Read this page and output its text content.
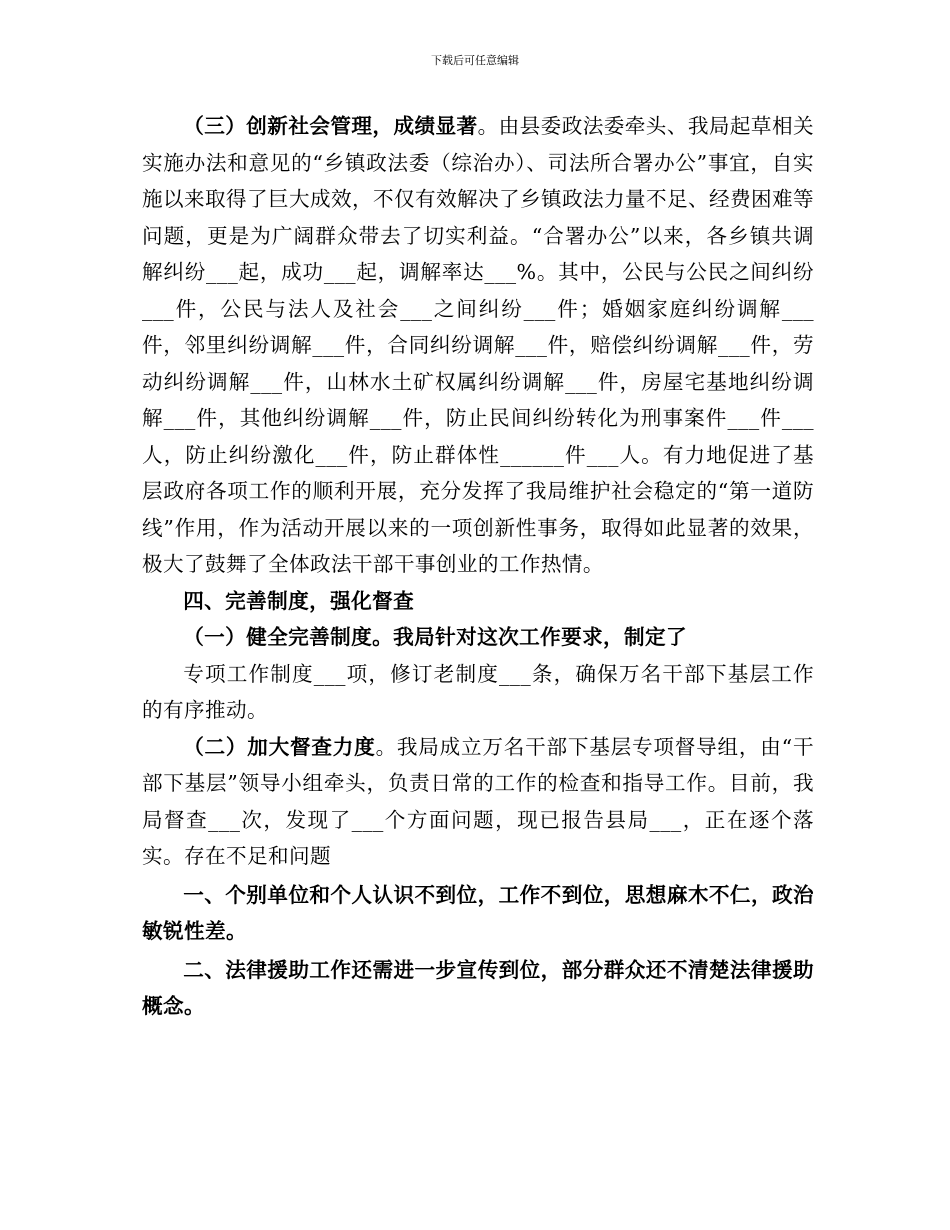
下载后可任意编辑

（三）创新社会管理，成绩显著。由县委政法委牵头、我局起草相关实施办法和意见的“乡镇政法委（综治办）、司法所合署办公”事宜，自实施以来取得了巨大成效，不仅有效解决了乡镇政法力量不足、经费困难等问题，更是为广阔群众带去了切实利益。“合署办公”以来，各乡镇共调解纠纷___起，成功___起，调解率达___%。其中，公民与公民之间纠纷___件，公民与法人及社会___之间纠纷___件；婚姻家庭纠纷调解___件，邻里纠纷调解___件，合同纠纷调解___件，赔偿纠纷调解___件，劳动纠纷调解___件，山林水土矿权属纠纷调解___件，房屋宅基地纠纷调解___件，其他纠纷调解___件，防止民间纠纷转化为刑事案件___件___人，防止纠纷激化___件，防止群体性______件___人。有力地促进了基层政府各项工作的顺利开展，充分发挥了我局维护社会稳定的“第一道防线”作用，作为活动开展以来的一项创新性事务，取得如此显著的效果，极大了鼓舞了全体政法干部干事创业的工作热情。

四、完善制度，强化督查

（一）健全完善制度。我局针对这次工作要求，制定了

专项工作制度___项，修订老制度___条，确保万名干部下基层工作的有序推动。

（二）加大督查力度。我局成立万名干部下基层专项督导组，由“干部下基层”领导小组牵头，负责日常的工作的检查和指导工作。目前，我局督查___次，发现了___个方面问题，现已报告县局___，正在逐个落实。存在不足和问题

一、个别单位和个人认识不到位，工作不到位，思想麻木不仁，政治敏锐性差。

二、法律援助工作还需进一步宣传到位，部分群众还不清楚法律援助概念。
